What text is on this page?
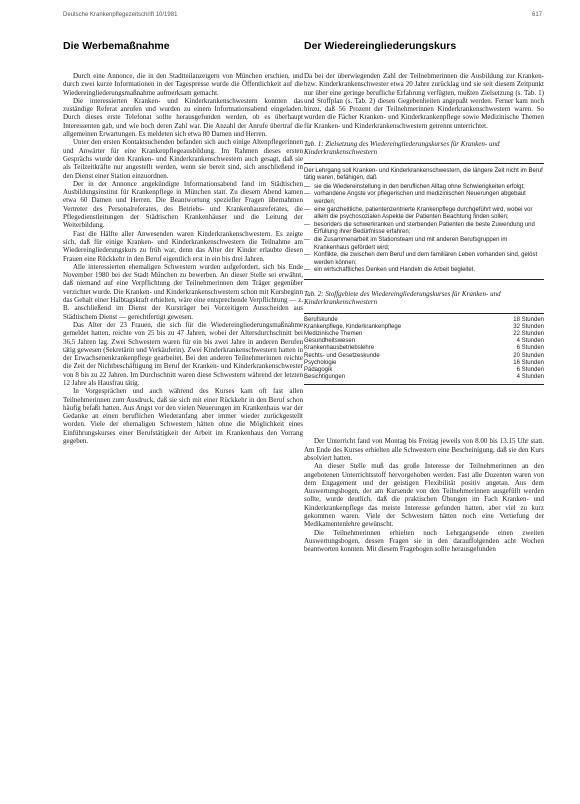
Deutsche Krankenpflegezeitschrift 10/1981	617
Die Werbemaßnahme

Durch eine Annonce, die in den Stadtteilanzeigern von München erschien, und durch zwei kurze Informationen in der Tagespresse wurde die Öffentlichkeit auf die Wiedereingliederungsmaßnahme aufmerksam gemacht.

Die interessierten Kranken- und Kinderkrankenschwestern konnten das zuständige Referat anrufen und wurden zu einem Informationsabend eingeladen. Durch dieses erste Telefonat sollte herausgefunden werden, ob es überhaupt Interessenten gab, und wie hoch deren Zahl war. Die Anzahl der Anrufe übertraf die allgemeinen Erwartungen. Es meldeten sich etwa 80 Damen und Herren.

Unter den ersten Kontaktsuchenden befanden sich auch einige Altenpflegerinnen und Anwärter für eine Krankenpflegeausbildung. Im Rahmen dieses ersten Gesprächs wurde den Kranken- und Kinderkrankenschwestern auch gesagt, daß sie als Teilzeitkräfte nur angestellt werden, wenn sie bereit sind, sich anschließend in den Dienst einer Station einzuordnen.

Der in der Annonce angekündigte Informationsabend fand im Städtischen Ausbildungsinstitut für Krankenpflege in München statt. Zu diesem Abend kamen etwa 60 Damen und Herren. Die Beantwortung spezieller Fragen übernahmen Vertreter des Personalreferates, des Betriebs- und Krankenhausreferates, die Pflegedienstleitungen der Städtischen Krankenhäuser und die Leitung der Weiterbildung.

Fast die Hälfte aller Anwesenden waren Kinderkrankenschwestern. Es zeigte sich, daß für einige Kranken- und Kinderkrankenschwestern die Teilnahme am Wiedereingliederungskurs zu früh war, denn das Alter der Kinder erlaubte diesen Frauen eine Rückkehr in den Beruf eigentlich erst in ein bis drei Jahren.

Alle interessierten ehemaligen Schwestern wurden aufgefordert, sich bis Ende November 1980 bei der Stadt München zu bewerben. An dieser Stelle sei erwähnt, daß niemand auf eine Verpflichtung der Teilnehmerinnen dem Träger gegenüber verzichtet wurde. Die Kranken- und Kinderkrankenschwestern schon mit Kursbeginn das Gehalt einer Halbtagskraft erhielten, wäre eine entsprechende Verpflichtung — z. B. anschließend im Dienst der Kursträger bei Vorzeitigem Ausscheiden aus Städtischem Dienst — gerechtfertigt gewesen.

Das Alter der 23 Frauen, die sich für die Wiedereingliederungsmaßnahme gemeldet hatten, reichte von 25 bis zu 47 Jahren, wobei der Altersdurchschnitt bei 36,5 Jahren lag. Zwei Schwestern waren für ein bis zwei Jahre in anderen Berufen tätig gewesen (Sekretärin und Verkäuferin). Zwei Kinderkrankenschwestern hatten in der Erwachsenenkrankenpflege gearbeitet. Bei den anderen Teilnehmerinnen reichte die Zeit der Nichtbeschäftigung im Beruf der Kranken- und Kinderkrankenschwester von 8 bis zu 22 Jahren. Im Durchschnitt waren diese Schwestern während der letzten 12 Jahre als Hausfrau tätig.

In Vorgesprächen und auch während des Kurses kam oft fast allen Teilnehmerinnen zum Ausdruck, daß sie sich mit einer Rückkehr in den Beruf schon häufig befaßt hatten. Aus Angst vor den vielen Neuerungen im Krankenhaus war der Gedanke an einen beruflichen Wiederanfang aber immer wieder zurückgestellt worden. Viele der ehemaligen Schwestern hätten ohne die Möglichkeit eines Einführungskurses einer Berufstätigkeit der Arbeit im Krankenhaus den Vorrang gegeben.

Der Wiedereingliederungskurs

Da bei der überwiegenden Zahl der Teilnehmerinnen die Ausbildung zur Kranken- bzw. Kinderkrankenschwester etwa 20 Jahre zurücklag und sie seit diesem Zeitpunkt nur über eine geringe berufliche Erfahrung verfügten, mußten Zielsetzung (s. Tab. 1) und Stoffplan (s. Tab. 2) diesen Gegebenheiten angepaßt werden. Ferner kam noch hinzu, daß 56 Prozent der Teilnehmerinnen Kinderkrankenschwestern waren. So wurden die Fächer Kranken- und Kinderkrankenpflege sowie Medizinische Themen für Kranken- und Kinderkrankenschwestern getrennt unterrichtet.

Tab. 1: Zielsetzung des Wiedereingliederungskurses für Kranken- und Kinderkrankenschwestern
Der Lehrgang soll Kranken- und Kinderkrankenschwestern, die längere Zeit nicht im Beruf tätig waren, befähigen, daß
— sie die Wiedereinstellung in den beruflichen Alltag ohne Schwierigkeiten erfolgt;
— vorhandene Angste vor pflegerischen und medizinischen Neuerungen abgebaut werden;
— eine ganzheitliche, patientenzentrierte Krankenpflege durchgeführt wird, wobei vor allem die psychosozialen Aspekte der Patienten Beachtung finden sollen;
— besonders die schwerkranken und sterbenden Patienten die beste Zuwendung und Erfüllung ihrer Bedürfnisse erfahren;
— die Zusammenarbeit im Stationsteam und mit anderen Berufsgruppen im Krankenhaus gefördert wird;
— Konflikte, die zwischen dem Beruf und dem familiären Leben vorhanden sind, gelöst werden können;
— ein wirtschaftliches Denken und Handeln die Arbeit begleitet.
Tab. 2: Stoffgebiete des Wiedereingliederungskurses für Kranken- und Kinderkrankenschwestern
Berufskunde	18 Stunden
Krankenpflege, Kinderkrankenpflege	32 Stunden
Medizinische Themen	22 Stunden
Gesundheitswesen	4 Stunden
Krankenhausbetriebslehre	6 Stunden
Rechts- und Gesetzeskunde	20 Stunden
Psychologie	16 Stunden
Pädagogik	6 Stunden
Besichtigungen	4 Stunden

Der Unterricht fand von Montag bis Freitag jeweils von 8.00 bis 13.15 Uhr statt. Am Ende des Kurses erhielten alle Schwestern eine Bescheinigung, daß sie den Kurs absolviert hatten.

An dieser Stelle muß das große Interesse der Teilnehmerinnen an den angebotenen Unterrichtsstoff hervorgehoben werden. Fast alle Dozenten waren von dem Engagement und der geistigen Flexibilität positiv angetan. Aus dem Auswertungsbogen, der am Kursende von den Teilnehmerinnen ausgefüllt werden sollte, wurde deutlich, daß die praktischen Übungen im Fach Kranken- und Kinderkrankenpflege das meiste Interesse gefunden hatten, aber viel zu kurz gekommen waren. Viele der Schwestern hätten noch eine Vertiefung der Medikamentenlehre gewünscht.

Die Teilnehmerinnen erhielten noch Lehrgangsende einen zweiten Auswertungsbogen, dessen Fragen sie in den darauffolgenden acht Wochen beantworten konnten. Mit diesem Fragebogen sollte herausgefunden
